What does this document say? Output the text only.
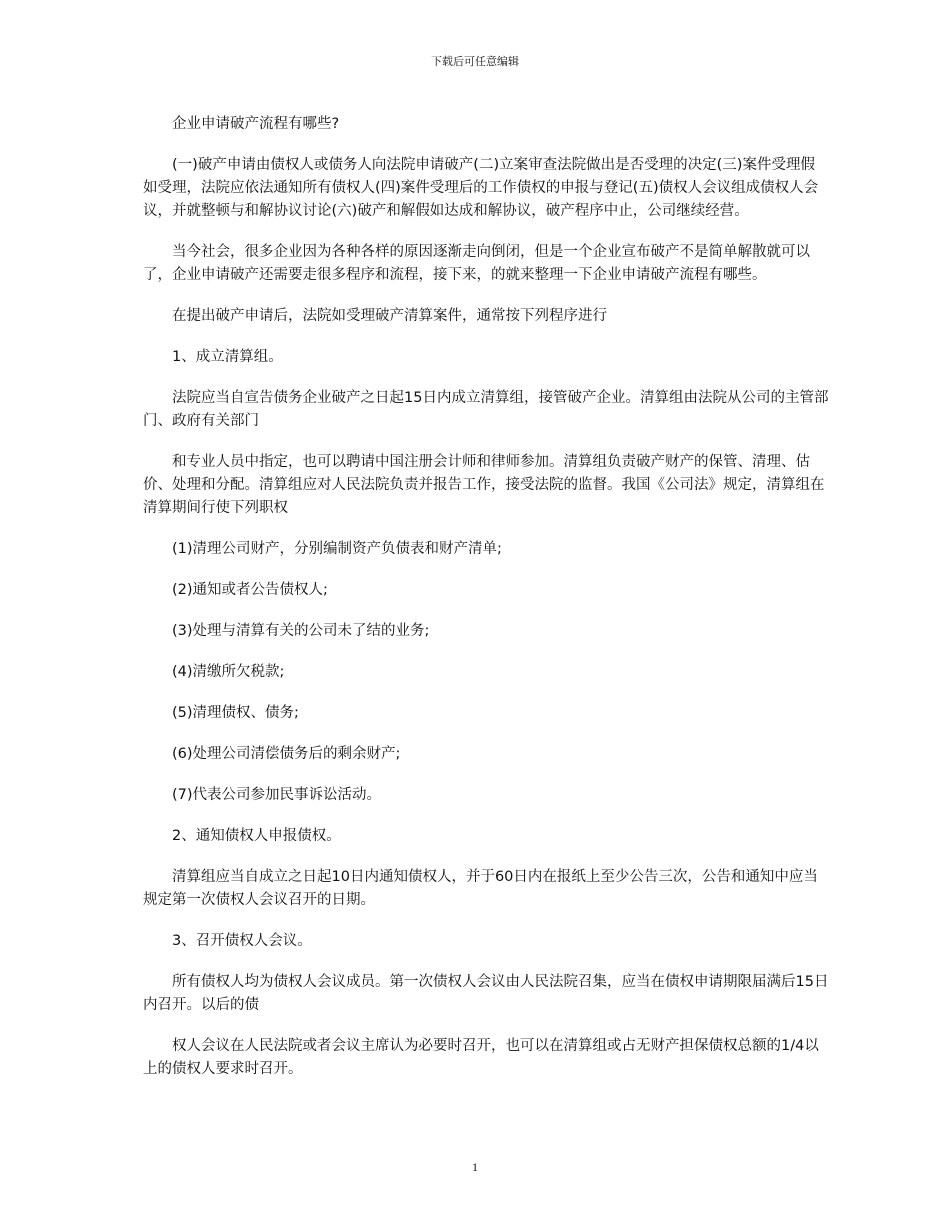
下载后可任意编辑

企业申请破产流程有哪些?

(一)破产申请由债权人或债务人向法院申请破产(二)立案审查法院做出是否受理的决定(三)案件受理假如受理，法院应依法通知所有债权人(四)案件受理后的工作债权的申报与登记(五)债权人会议组成债权人会议，并就整顿与和解协议讨论(六)破产和解假如达成和解协议，破产程序中止，公司继续经营。

当今社会，很多企业因为各种各样的原因逐渐走向倒闭，但是一个企业宣布破产不是简单解散就可以了，企业申请破产还需要走很多程序和流程，接下来，的就来整理一下企业申请破产流程有哪些。

在提出破产申请后，法院如受理破产清算案件，通常按下列程序进行

1、成立清算组。

法院应当自宣告债务企业破产之日起15日内成立清算组，接管破产企业。清算组由法院从公司的主管部门、政府有关部门

和专业人员中指定，也可以聘请中国注册会计师和律师参加。清算组负责破产财产的保管、清理、估价、处理和分配。清算组应对人民法院负责并报告工作，接受法院的监督。我国《公司法》规定，清算组在清算期间行使下列职权

(1)清理公司财产，分别编制资产负债表和财产清单;

(2)通知或者公告债权人;

(3)处理与清算有关的公司未了结的业务;

(4)清缴所欠税款;

(5)清理债权、债务;

(6)处理公司清偿债务后的剩余财产;

(7)代表公司参加民事诉讼活动。

2、通知债权人申报债权。

清算组应当自成立之日起10日内通知债权人，并于60日内在报纸上至少公告三次，公告和通知中应当规定第一次债权人会议召开的日期。

3、召开债权人会议。

所有债权人均为债权人会议成员。第一次债权人会议由人民法院召集，应当在债权申请期限届满后15日内召开。以后的债

权人会议在人民法院或者会议主席认为必要时召开，也可以在清算组或占无财产担保债权总额的1/4以上的债权人要求时召开。

1
